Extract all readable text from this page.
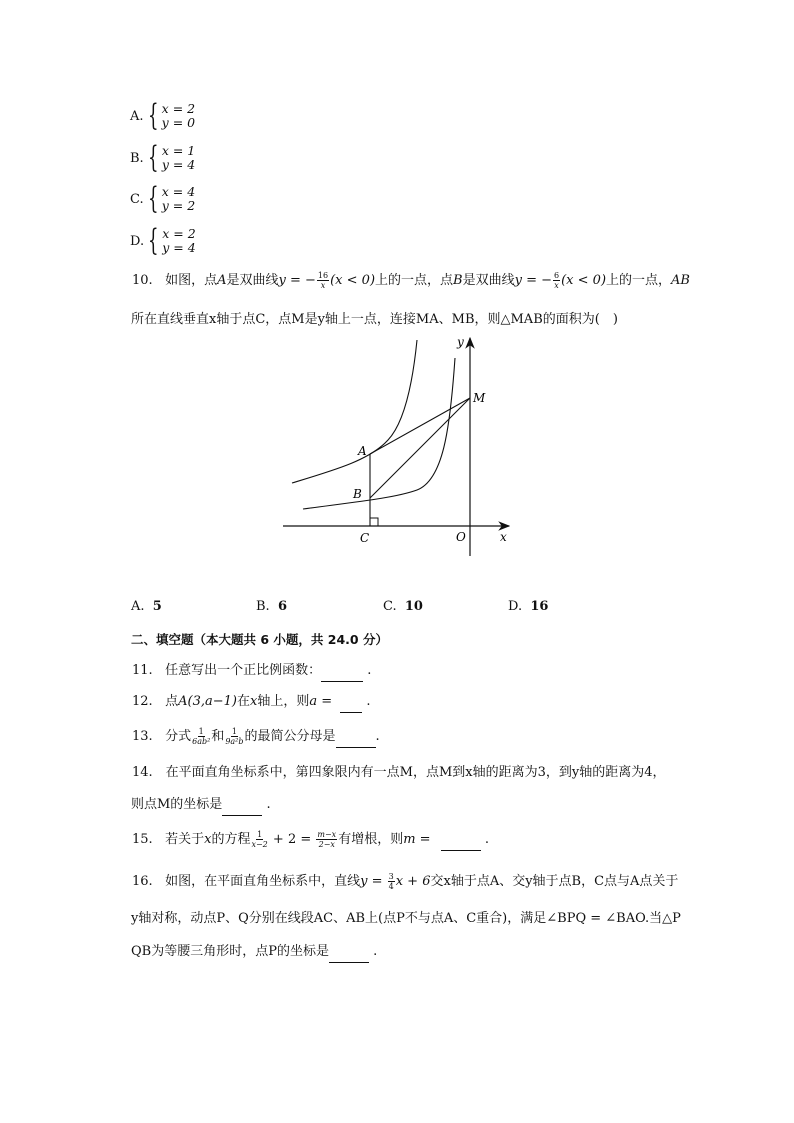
A.
{ x = 2
y = 0
B.
{ x = 1
y = 4
C.
{ x = 4
y = 2
D.
{ x = 2
y = 4
10. 如图，点A是双曲线y = − $\frac{16}{x} (x < 0)$上的一点，点B是双曲线y = − $\frac{6}{x} (x < 0)$上的一点，AB
所在直线垂直x轴于点C，点M是y轴上一点，连接MA、MB，则△MAB的面积为(　)
y
M
A
B
C	O	x
A. 5	B. 6	C. 10	D. 16
二、填空题（本大题共 6 小题，共 24.0 分）
11. 任意写出一个正比例函数：	.
12. 点A(3,a−1)在x轴上，则a =   .
13. 分式 $\frac{1}{\text{6ab²}}$ 和 $\frac{1}{\text{9a²b}}$ 的最简公分母是	.
14.　在平面直角坐标系中，第四象限内有一点M，点M到x轴的距离为3，到y轴的距离为4，
则点M的坐标是	.
15. 若关于x的方程 $\frac{1}{x-2} + 2 = \frac{m-x}{2-x}$ 有增根，则m =	.
16. 如图，在平面直角坐标系中，直线$y = \frac{3}{4}$ x + 6交x轴于点A、交y轴于点B，C点与A点关于
y轴对称，动点P、Q分别在线段AC、AB上(点P不与点A、C重合)，满足∠BPQ = ∠BAO.当△P
QB为等腰三角形时，点P的坐标是	.
